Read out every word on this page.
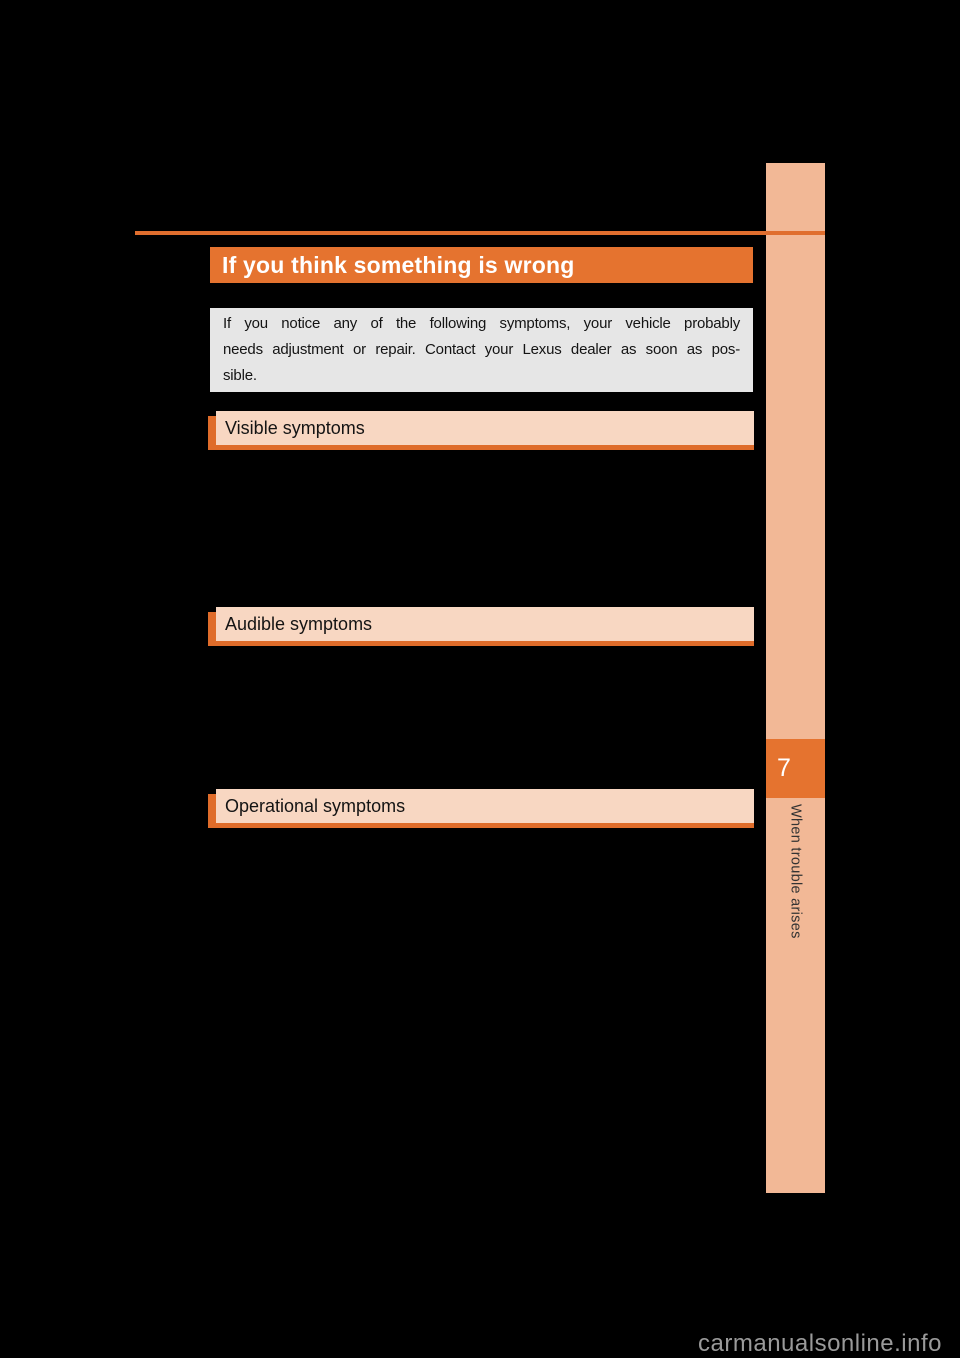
7
When trouble arises
If you think something is wrong
If you notice any of the following symptoms, your vehicle probably
needs adjustment or repair. Contact your Lexus dealer as soon as pos-
sible.
Visible symptoms
Audible symptoms
Operational symptoms
carmanualsonline.info
